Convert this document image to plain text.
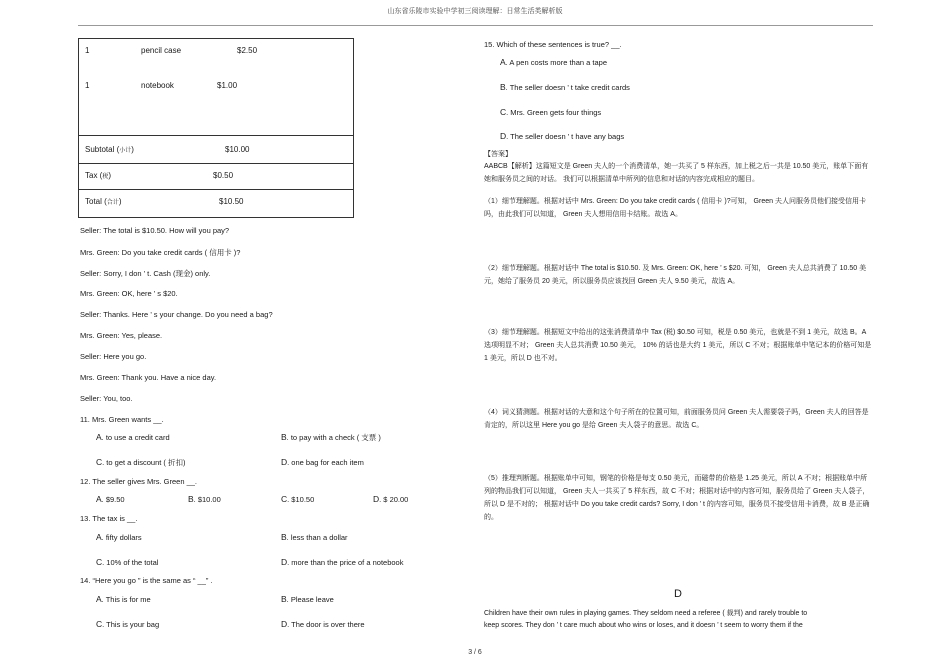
山东省乐陵市实验中学初三阅读理解：日常生活类解析版
1	pencil case	$2.50
1	notebook	$1.00
Subtotal (小计)	$10.00
Tax (税)	$0.50
Total (合计)	$10.50
Seller: The total is $10.50. How will you pay?
Mrs. Green: Do you take credit cards ( 信用卡 )?
Seller: Sorry, I don ’ t. Cash (现金) only.
Mrs. Green: OK, here ’ s $20.
Seller: Thanks. Here ’ s your change. Do you need a bag?
Mrs. Green: Yes, please.
Seller: Here you go.
Mrs. Green: Thank you. Have a nice day.
Seller: You, too.
11. Mrs. Green wants __.
A. to use a credit card	B. to pay with a check ( 支票 )
C. to get a discount ( 折扣)	D. one bag for each item
12. The seller gives Mrs. Green __.
A. $9.50	B. $10.00	C. $10.50	D. $ 20.00
13. The tax is __.
A. fifty dollars	B. less than a dollar
C. 10% of the total	D. more than the price of a notebook
14. “Here you go ” is the same as “ __” .
A. This is for me	B. Please leave
C. This is your bag	D. The door is over there
15. Which of these sentences is true? __.
A. A pen costs more than a tape
B. The seller doesn ’ t take credit cards
C. Mrs. Green gets four things
D. The seller doesn ’ t have any bags
【答案】
AABCB【解析】这篇短文是 Green 夫人的一个消费清单，她一共买了 5 样东西，加上税之后一共是 10.50 美元，账单下面有她和服务员之间的对话。 我们可以根据清单中所列的信息和对话的内容完成相应的题目。
（1）细节理解题。根据对话中 Mrs. Green: Do you take credit cards ( 信用卡 )?可知， Green 夫人问服务员他们接受信用卡吗，由此我们可以知道， Green 夫人想用信用卡结账。故选 A。
（2）细节理解题。根据对话中 The total is $10.50. 及 Mrs. Green: OK, here ’ s $20. 可知， Green 夫人总共消费了 10.50 美元，她给了服务员 20 美元，所以服务员应该找回 Green 夫人 9.50 美元，故选 A。
（3）细节理解题。根据短文中给出的这张消费清单中 Tax (税) $0.50 可知，税是 0.50 美元，也就是不到 1 美元，故选 B。A 选项明显不对； Green 夫人总共消费 10.50 美元， 10% 的话也是大约 1 美元，所以 C 不对；根据账单中笔记本的价格可知是 1 美元，所以 D 也不对。
（4）词义猜测题。根据对话的大意和这个句子所在的位置可知，前面服务员问 Green 夫人需要袋子吗，Green 夫人的回答是肯定的，所以这里 Here you go 是给 Green 夫人袋子的意思。故选 C。
（5）推理判断题。根据账单中可知，钢笔的价格是每支 0.50 美元，而磁带的价格是 1.25 美元，所以 A 不对；根据账单中所列的物品我们可以知道， Green 夫人一共买了 5 样东西，故 C 不对；根据对话中的内容可知，服务员给了 Green 夫人袋子， 所以 D 是不对的； 根据对话中 Do you take credit cards? Sorry, I don ’ t 的内容可知，服务员不接受信用卡消费，故 B 是正确的。
D
Children have their own rules in playing games. They seldom need a referee ( 裁判) and rarely trouble to
keep scores. They don ’ t care much about who wins or loses, and it doesn ’ t seem to worry them if the
3 / 6
